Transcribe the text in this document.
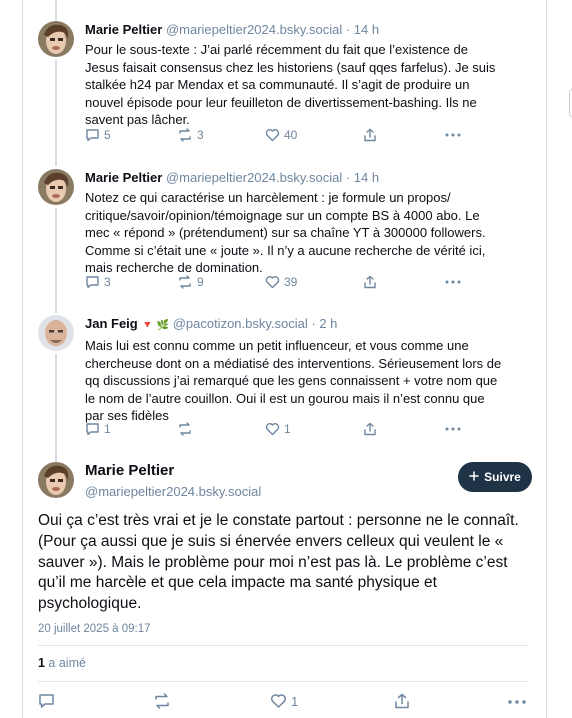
Marie Peltier @mariepeltier2024.bsky.social · 14 h
Pour le sous-texte : J’ai parlé récemment du fait que l’existence de Jesus faisait consensus chez les historiens (sauf qqes farfelus). Je suis stalkée h24 par Mendax et sa communauté. Il s’agit de produire un nouvel épisode pour leur feuilleton de divertissement-bashing. Ils ne savent pas lâcher.
5	3	40
Marie Peltier @mariepeltier2024.bsky.social · 14 h
Notez ce qui caractérise un harcèlement : je formule un propos/ critique/savoir/opinion/témoignage sur un compte BS à 4000 abo. Le mec « répond » (prétendument) sur sa chaîne YT à 300000 followers. Comme si c’était une « joute ». Il n’y a aucune recherche de vérité ici, mais recherche de domination.
3	9	39
Jan Feig 🔻 🌿 @pacotizon.bsky.social · 2 h
Mais lui est connu comme un petit influenceur, et vous comme une chercheuse dont on a médiatisé des interventions. Sérieusement lors de qq discussions j’ai remarqué que les gens connaissent + votre nom que le nom de l’autre couillon. Oui il est un gourou mais il n’est connu que par ses fidèles
1	1
Marie Peltier
@mariepeltier2024.bsky.social
Suivre
Oui ça c’est très vrai et je le constate partout : personne ne le connaît. (Pour ça aussi que je suis si énervée envers celleux qui veulent le « sauver »). Mais le problème pour moi n’est pas là. Le problème c’est qu’il me harcèle et que cela impacte ma santé physique et psychologique.
20 juillet 2025 à 09:17
1 a aimé
1
